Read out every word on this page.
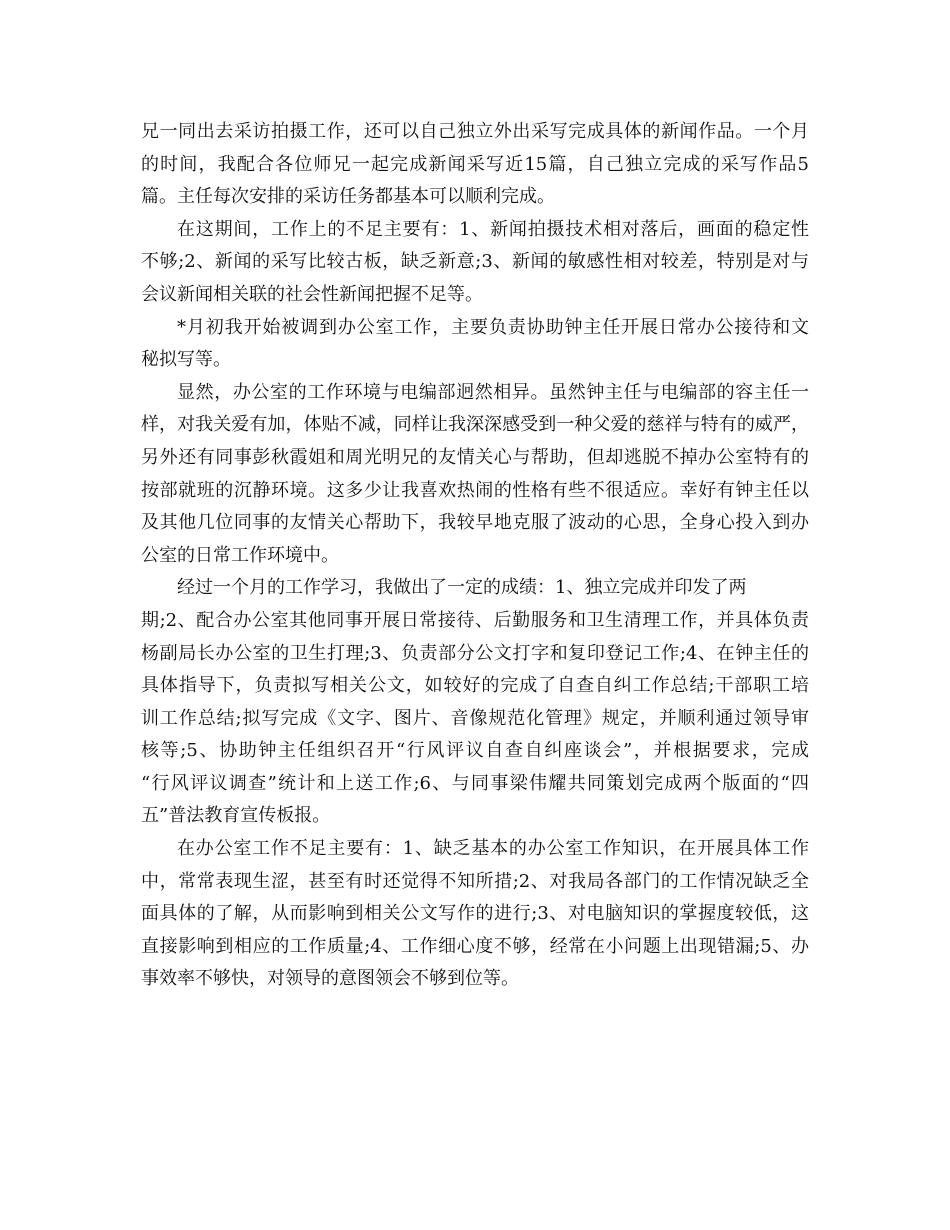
兄一同出去采访拍摄工作，还可以自己独立外出采写完成具体的新闻作品。一个月
的时间，我配合各位师兄一起完成新闻采写近15篇，自己独立完成的采写作品5
篇。主任每次安排的采访任务都基本可以顺利完成。
在这期间，工作上的不足主要有：1、新闻拍摄技术相对落后，画面的稳定性
不够;2、新闻的采写比较古板，缺乏新意;3、新闻的敏感性相对较差，特别是对与
会议新闻相关联的社会性新闻把握不足等。
*月初我开始被调到办公室工作，主要负责协助钟主任开展日常办公接待和文
秘拟写等。
显然，办公室的工作环境与电编部迥然相异。虽然钟主任与电编部的容主任一
样，对我关爱有加，体贴不减，同样让我深深感受到一种父爱的慈祥与特有的威严，
另外还有同事彭秋霞姐和周光明兄的友情关心与帮助，但却逃脱不掉办公室特有的
按部就班的沉静环境。这多少让我喜欢热闹的性格有些不很适应。幸好有钟主任以
及其他几位同事的友情关心帮助下，我较早地克服了波动的心思，全身心投入到办
公室的日常工作环境中。
经过一个月的工作学习，我做出了一定的成绩：1、独立完成并印发了两
期;2、配合办公室其他同事开展日常接待、后勤服务和卫生清理工作，并具体负责
杨副局长办公室的卫生打理;3、负责部分公文打字和复印登记工作;4、在钟主任的
具体指导下，负责拟写相关公文，如较好的完成了自查自纠工作总结;干部职工培
训工作总结;拟写完成《文字、图片、音像规范化管理》规定，并顺利通过领导审
核等;5、协助钟主任组织召开“行风评议自查自纠座谈会”，并根据要求，完成
“行风评议调查”统计和上送工作;6、与同事梁伟耀共同策划完成两个版面的“四
五”普法教育宣传板报。
在办公室工作不足主要有：1、缺乏基本的办公室工作知识，在开展具体工作
中，常常表现生涩，甚至有时还觉得不知所措;2、对我局各部门的工作情况缺乏全
面具体的了解，从而影响到相关公文写作的进行;3、对电脑知识的掌握度较低，这
直接影响到相应的工作质量;4、工作细心度不够，经常在小问题上出现错漏;5、办
事效率不够快，对领导的意图领会不够到位等。
